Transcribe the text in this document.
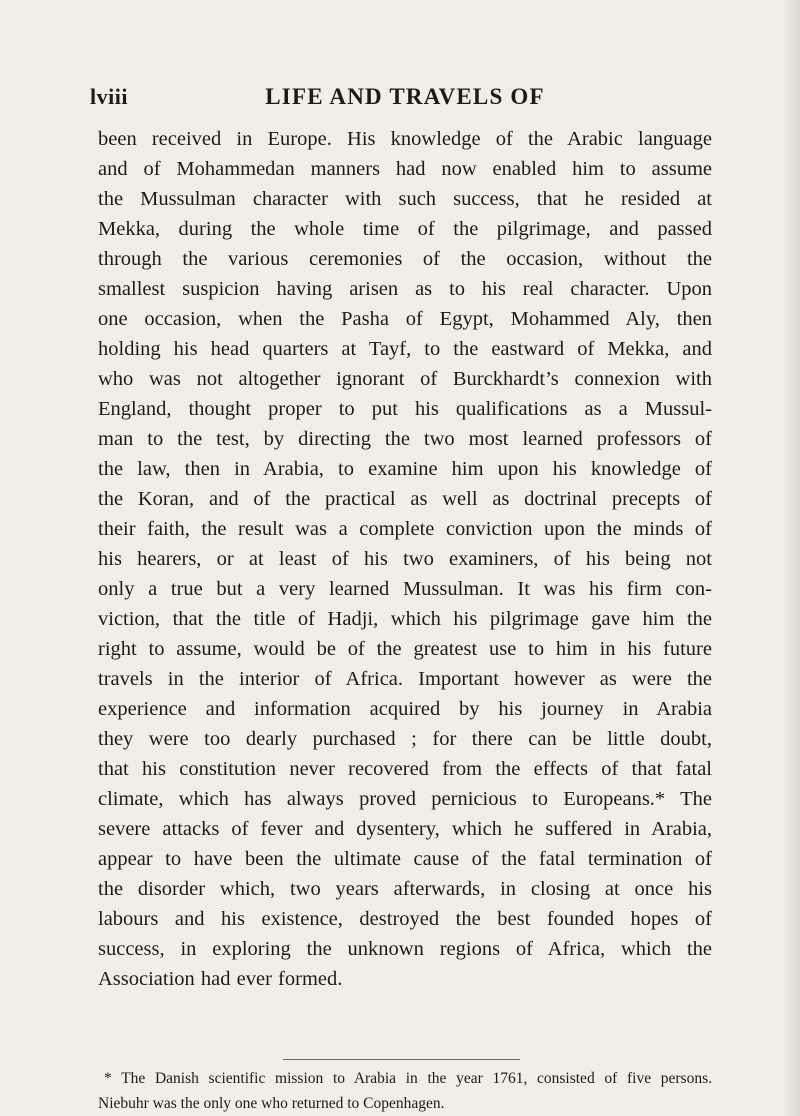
lviii	LIFE AND TRAVELS OF
been received in Europe. His knowledge of the Arabic language
and of Mohammedan manners had now enabled him to assume
the Mussulman character with such success, that he resided at
Mekka, during the whole time of the pilgrimage, and passed
through the various ceremonies of the occasion, without the
smallest suspicion having arisen as to his real character. Upon
one occasion, when the Pasha of Egypt, Mohammed Aly, then
holding his head quarters at Tayf, to the eastward of Mekka, and
who was not altogether ignorant of Burckhardt’s connexion with
England, thought proper to put his qualifications as a Mussul-
man to the test, by directing the two most learned professors of
the law, then in Arabia, to examine him upon his knowledge of
the Koran, and of the practical as well as doctrinal precepts of
their faith, the result was a complete conviction upon the minds of
his hearers, or at least of his two examiners, of his being not
only a true but a very learned Mussulman. It was his firm con-
viction, that the title of Hadji, which his pilgrimage gave him the
right to assume, would be of the greatest use to him in his future
travels in the interior of Africa. Important however as were the
experience and information acquired by his journey in Arabia
they were too dearly purchased ; for there can be little doubt,
that his constitution never recovered from the effects of that fatal
climate, which has always proved pernicious to Europeans.* The
severe attacks of fever and dysentery, which he suffered in Arabia,
appear to have been the ultimate cause of the fatal termination of
the disorder which, two years afterwards, in closing at once his
labours and his existence, destroyed the best founded hopes of
success, in exploring the unknown regions of Africa, which the
Association had ever formed.
* The Danish scientific mission to Arabia in the year 1761, consisted of five persons.
Niebuhr was the only one who returned to Copenhagen.
